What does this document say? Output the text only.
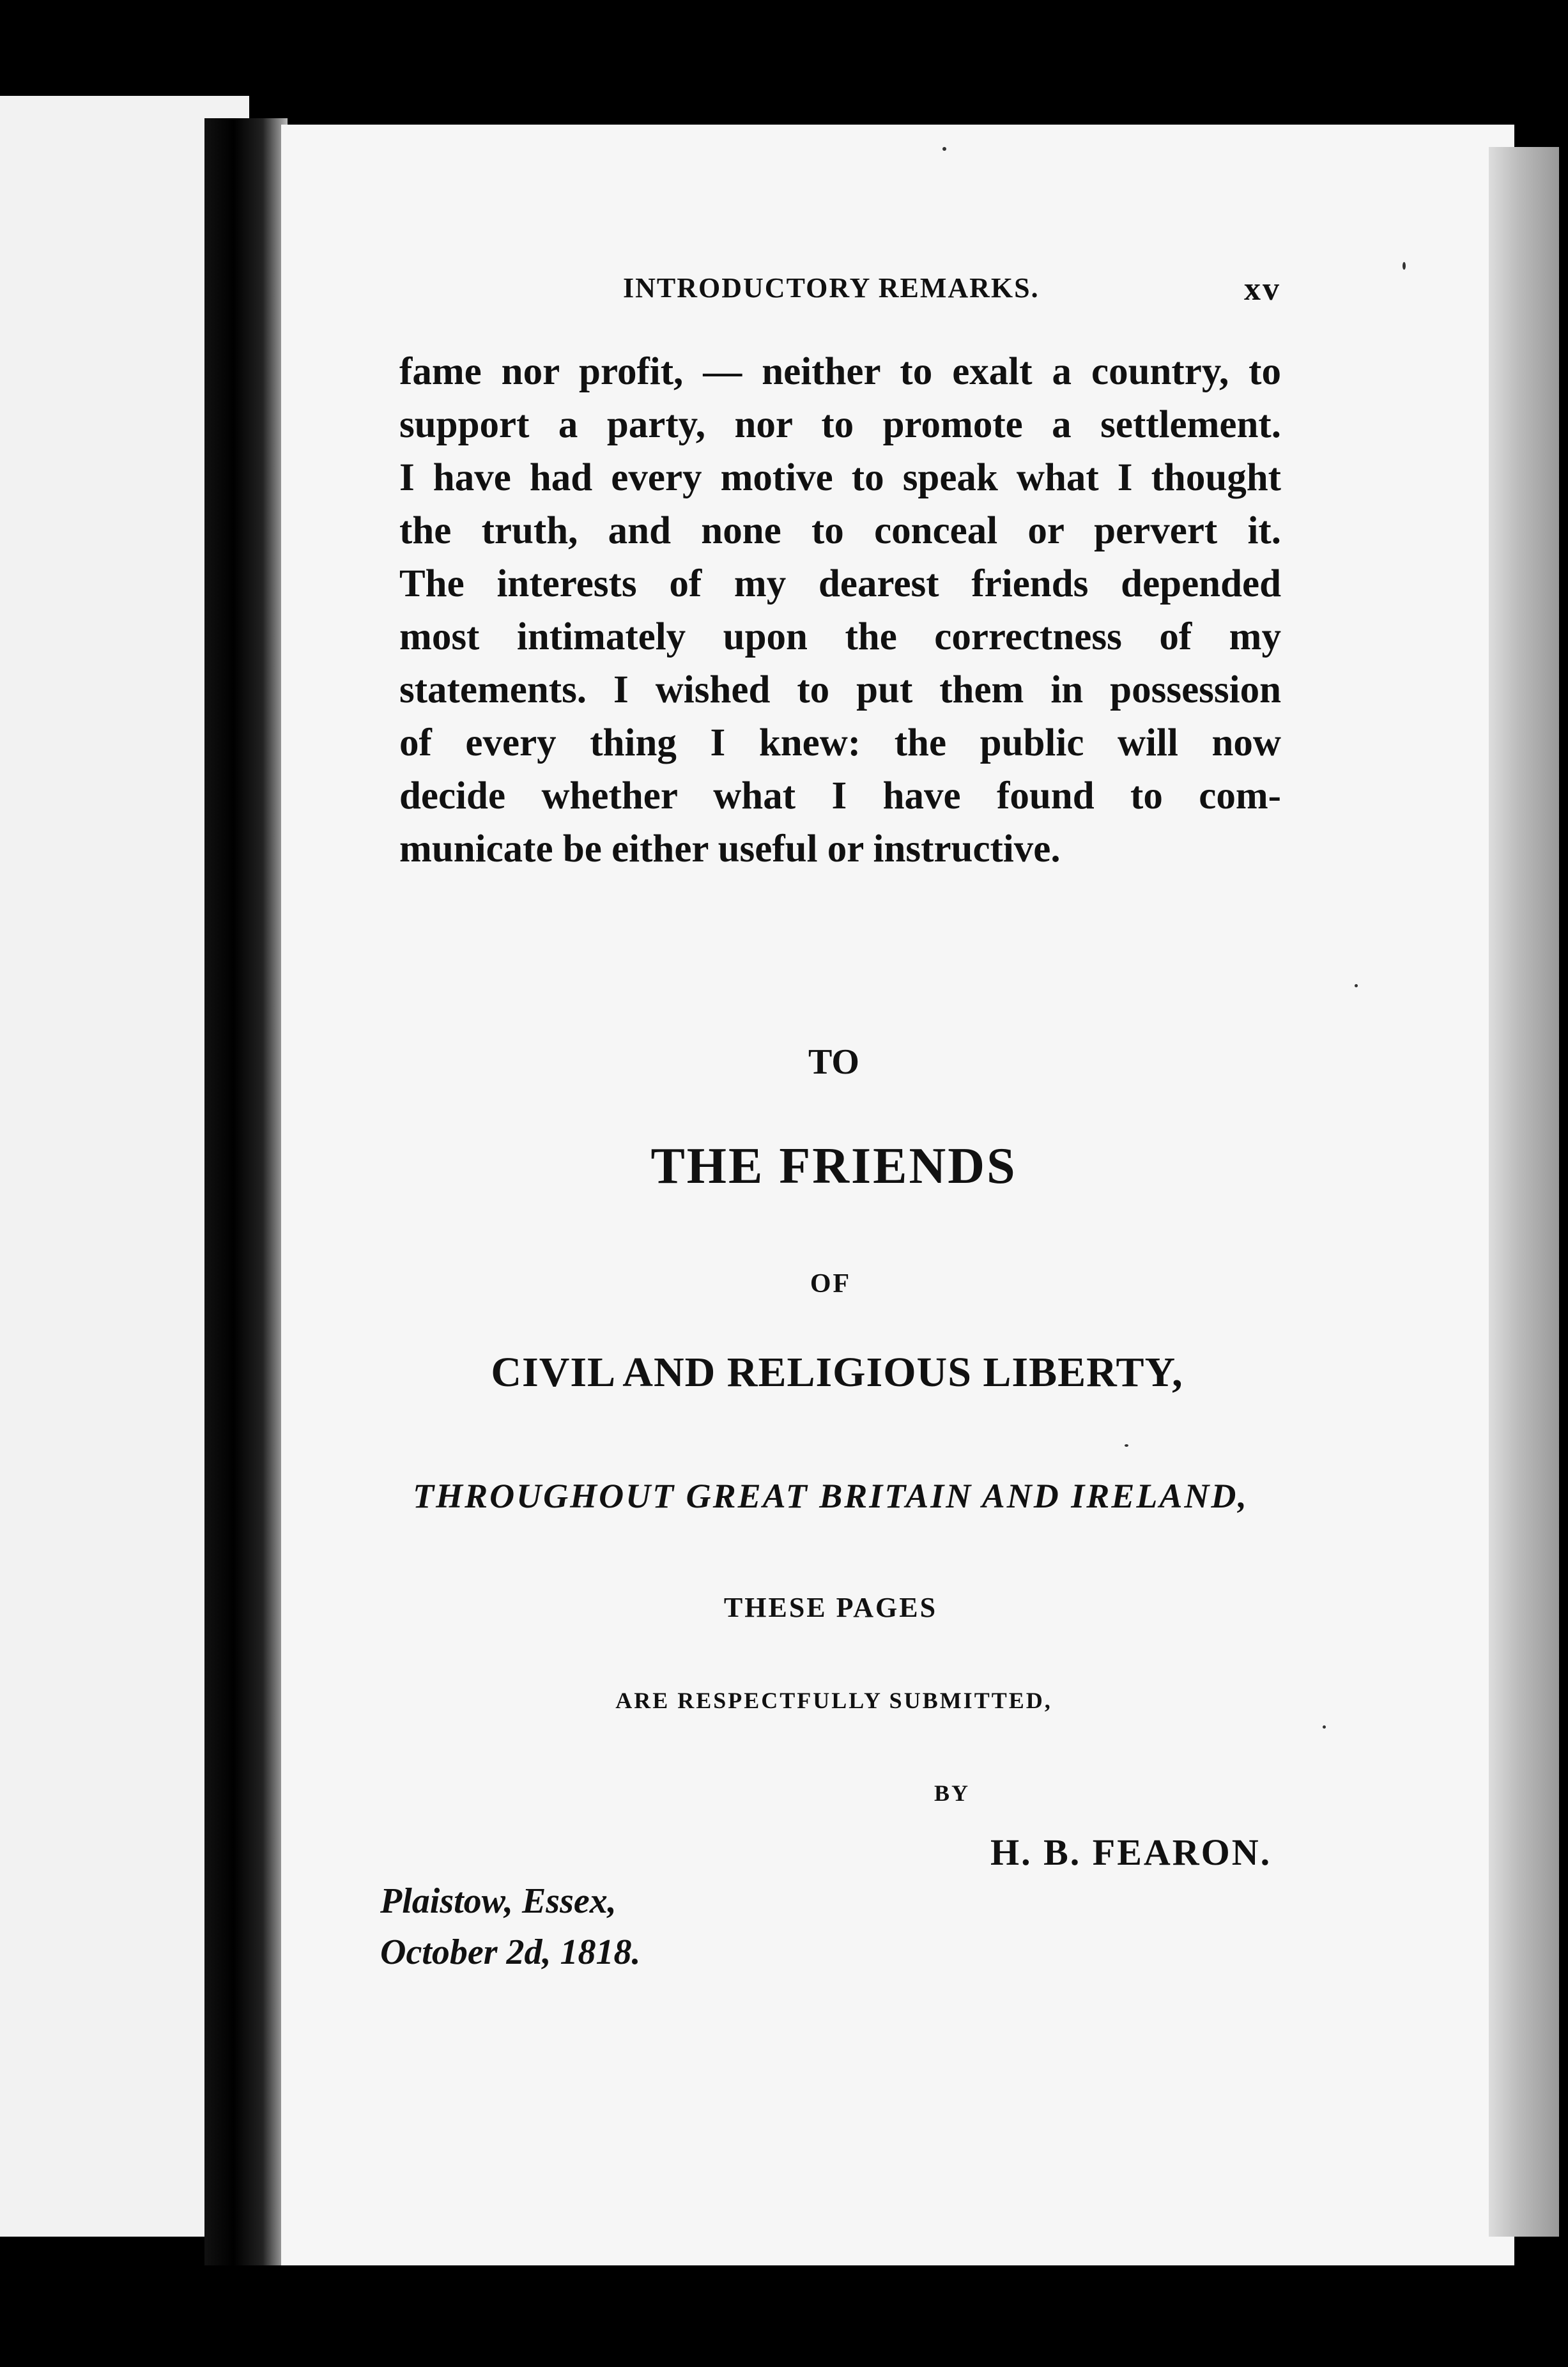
INTRODUCTORY REMARKS.	xv
fame nor profit, — neither to exalt a country, to
support a party, nor to promote a settlement.
I have had every motive to speak what I thought
the truth, and none to conceal or pervert it.
The interests of my dearest friends depended
most intimately upon the correctness of my
statements. I wished to put them in possession
of every thing I knew: the public will now
decide whether what I have found to com-
municate be either useful or instructive.
TO
THE FRIENDS
OF
CIVIL AND RELIGIOUS LIBERTY,
THROUGHOUT GREAT BRITAIN AND IRELAND,
THESE PAGES
ARE RESPECTFULLY SUBMITTED,
BY
H. B. FEARON.
Plaistow, Essex,
October 2d, 1818.
